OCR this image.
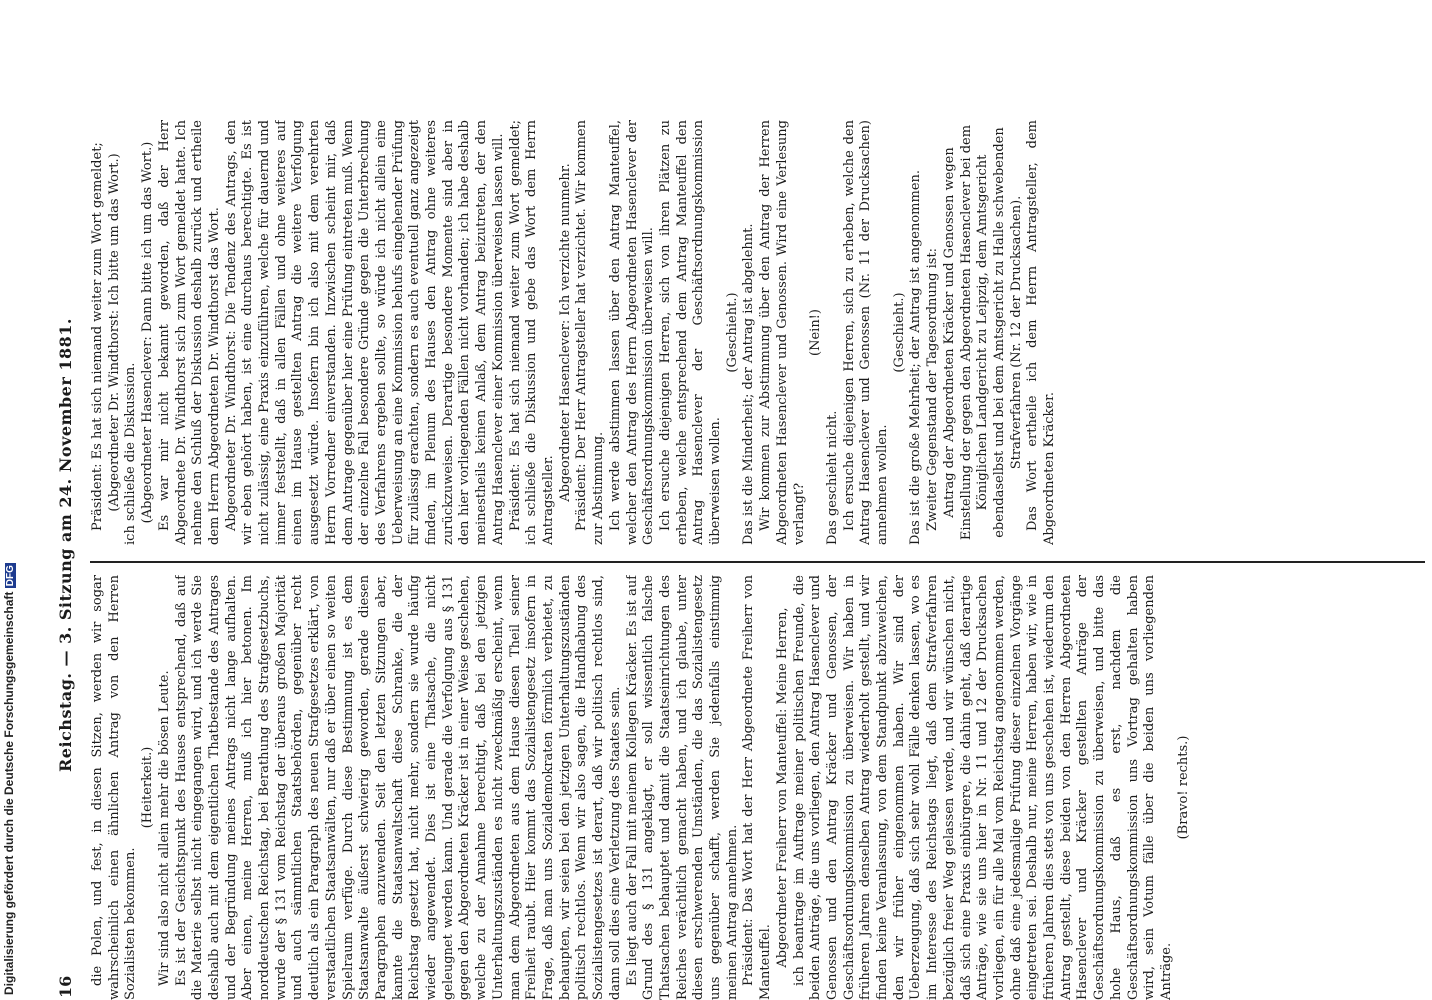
16
Reichstag. — 3. Sitzung am 24. November 1881.

die Polen, und fest, in diesen Sitzen, werden wir sogar wahrscheinlich einen ähnlichen Antrag von den Herren Sozialisten bekommen.

(Heiterkeit.) Wir sind also nicht allein mehr die bösen Leute. Es ist der Gesichtspunkt des Hauses entsprechend, daß auf die Materie selbst nicht eingegangen wird, und ich werde Sie deshalb auch mit dem eigentlichen Thatbestande des Antrages und der Begründung meines Antrags nicht lange aufhalten. Aber einen, meine Herren, muß ich hier betonen. Im norddeutschen Reichstag, bei Berathung des Strafgesetzbuchs, wurde der § 131 vom Reichstag der überaus großen Majorität und auch sämmtlichen Staatsbehörden, gegenüber recht deutlich als ein Paragraph des neuen Strafgesetzes erklärt, von verstaatlichen Staatsanwälten, nur daß er über einen so weiten Spielraum verfüge. Durch diese Bestimmung ist es dem Staatsanwalte äußerst schwierig geworden, gerade diesen Paragraphen anzuwenden. Seit den letzten Sitzungen aber, kannte die Staatsanwaltschaft diese Schranke, die der Reichstag gesetzt hat, nicht mehr, sondern sie wurde häufig wieder angewendet. Dies ist eine Thatsache, die nicht geleugnet werden kann. Und gerade die Verfolgung aus § 131 gegen den Abgeordneten Kräcker ist in einer Weise geschehen, welche zu der Annahme berechtigt, daß bei den jetzigen Unterhaltungszuständen es nicht zweckmäßig erscheint, wenn man dem Abgeordneten aus dem Hause diesen Theil seiner Freiheit raubt. Hier kommt das Sozialistengesetz insofern in Frage, daß man uns Sozialdemokraten förmlich verbietet, zu behaupten, wir seien bei den jetzigen Unterhaltungszuständen politisch rechtlos. Wenn wir also sagen, die Handhabung des Sozialistengesetzes ist derart, daß wir politisch rechtlos sind, dann soll dies eine Verletzung des Staates sein. Es liegt auch der Fall mit meinem Kollegen Kräcker. Es ist auf Grund des § 131 angeklagt, er soll wissentlich falsche Thatsachen behauptet und damit die Staatseinrichtungen des Reiches verächtlich gemacht haben, und ich glaube, unter diesen erschwerenden Umständen, die das Sozialistengesetz uns gegenüber schafft, werden Sie jedenfalls einstimmig meinen Antrag annehmen. Präsident: Das Wort hat der Herr Abgeordnete Freiherr von Manteuffel. Abgeordneter Freiherr von Manteuffel: Meine Herren, ich beantrage im Auftrage meiner politischen Freunde, die beiden Anträge, die uns vorliegen, den Antrag Hasenclever und Genossen und den Antrag Kräcker und Genossen, der Geschäftsordnungskommission zu überweisen. Wir haben in früheren Jahren denselben Antrag wiederholt gestellt, und wir finden keine Veranlassung, von dem Standpunkt abzuweichen, den wir früher eingenommen haben. Wir sind der Ueberzeugung, daß sich sehr wohl Fälle denken lassen, wo es im Interesse des Reichstags liegt, daß dem Strafverfahren bezüglich freier Weg gelassen werde, und wir wünschen nicht, daß sich eine Praxis einbürgere, die dahin geht, daß derartige Anträge, wie sie uns hier in Nr. 11 und 12 der Drucksachen vorliegen, ein für alle Mal vom Reichstag angenommen werden, ohne daß eine jedesmalige Prüfung dieser einzelnen Vorgänge eingetreten sei. Deshalb nur, meine Herren, haben wir, wie in früheren Jahren dies stets von uns geschehen ist, wiederum den Antrag gestellt, diese beiden von den Herren Abgeordneten Hasenclever und Kräcker gestellten Anträge der Geschäftsordnungskommission zu überweisen, und bitte das hohe Haus, daß es erst, nachdem die Geschäftsordnungskommission uns Vortrag gehalten haben wird, sein Votum fälle über die beiden uns vorliegenden Anträge.

(Bravo! rechts.)

Präsident: Es hat sich niemand weiter zum Wort gemeldet; (Abgeordneter Dr. Windthorst: Ich bitte um das Wort.) ich schließe die Diskussion. (Abgeordneter Hasenclever: Dann bitte ich um das Wort.) Es war mir nicht bekannt geworden, daß der Herr Abgeordnete Dr. Windthorst sich zum Wort gemeldet hatte. Ich nehme den Schluß der Diskussion deshalb zurück und ertheile dem Herrn Abgeordneten Dr. Windthorst das Wort. Abgeordneter Dr. Windthorst: Die Tendenz des Antrags, den wir eben gehört haben, ist eine durchaus berechtigte. Es ist nicht zulässig, eine Praxis einzuführen, welche für dauernd und immer feststellt, daß in allen Fällen und ohne weiteres auf einen im Hause gestellten Antrag die weitere Verfolgung ausgesetzt würde. Insofern bin ich also mit dem verehrten Herrn Vorredner einverstanden. Inzwischen scheint mir, daß dem Antrage gegenüber hier eine Prüfung eintreten muß. Wenn der einzelne Fall besondere Gründe gegen die Unterbrechung des Verfahrens ergeben sollte, so würde ich nicht allein eine Ueberweisung an eine Kommission behufs eingehender Prüfung für zulässig erachten, sondern es auch eventuell ganz angezeigt finden, im Plenum des Hauses den Antrag ohne weiteres zurückzuweisen. Derartige besondere Momente sind aber in den hier vorliegenden Fällen nicht vorhanden; ich habe deshalb meinestheils keinen Anlaß, dem Antrag beizutreten, der den Antrag Hasenclever einer Kommission überweisen lassen will. Präsident: Es hat sich niemand weiter zum Wort gemeldet; ich schließe die Diskussion und gebe das Wort dem Herrn Antragsteller. Abgeordneter Hasenclever: Ich verzichte nunmehr. Präsident: Der Herr Antragsteller hat verzichtet. Wir kommen zur Abstimmung. Ich werde abstimmen lassen über den Antrag Manteuffel, welcher den Antrag des Herrn Abgeordneten Hasenclever der Geschäftsordnungskommission überweisen will. Ich ersuche diejenigen Herren, sich von ihren Plätzen zu erheben, welche entsprechend dem Antrag Manteuffel den Antrag Hasenclever der Geschäftsordnungskommission überweisen wollen.

(Geschieht.) Das ist die Minderheit; der Antrag ist abgelehnt. Wir kommen zur Abstimmung über den Antrag der Herren Abgeordneten Hasenclever und Genossen. Wird eine Verlesung verlangt?

(Nein!)

Das geschieht nicht. Ich ersuche diejenigen Herren, sich zu erheben, welche den Antrag Hasenclever und Genossen (Nr. 11 der Drucksachen) annehmen wollen.

(Geschieht.) Das ist die große Mehrheit; der Antrag ist angenommen. Zweiter Gegenstand der Tagesordnung ist: Antrag der Abgeordneten Kräcker und Genossen wegen Einstellung der gegen den Abgeordneten Hasenclever bei dem Königlichen Landgericht zu Leipzig, dem Amtsgericht ebendaselbst und bei dem Amtsgericht zu Halle schwebenden Strafverfahren (Nr. 12 der Drucksachen). Das Wort ertheile ich dem Herrn Antragsteller, dem Abgeordneten Kräcker.

Digitalisierung gefördert durch die Deutsche Forschungsgemeinschaft DFG
